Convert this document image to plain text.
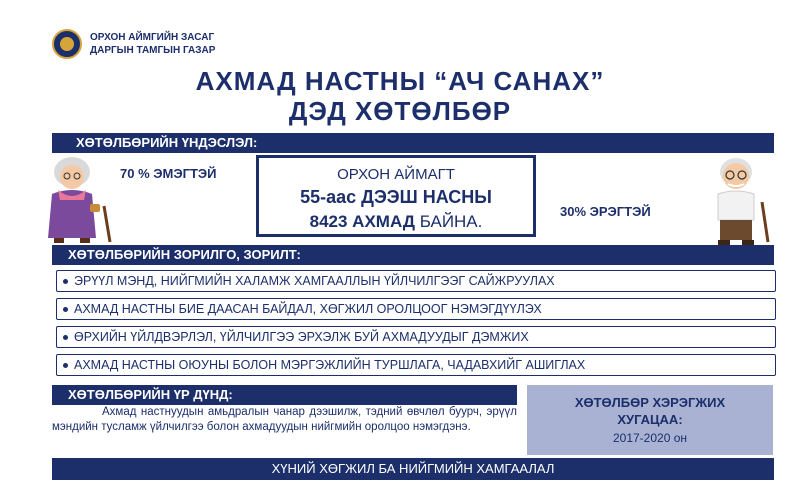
ОРХОН АЙМГИЙН ЗАСАГ
ДАРГЫН ТАМГЫН ГАЗАР
АХМАД НАСТНЫ “АЧ САНАХ”
ДЭД ХӨТӨЛБӨР
ХӨТӨЛБӨРИЙН ҮНДЭСЛЭЛ:
70 % ЭМЭГТЭЙ	ОРХОН АЙМАГТ
55-аас ДЭЭШ НАСНЫ
8423 АХМАД БАЙНА.
30% ЭРЭГТЭЙ
ХӨТӨЛБӨРИЙН ЗОРИЛГО, ЗОРИЛТ:
ЭРҮҮЛ МЭНД, НИЙГМИЙН ХАЛАМЖ ХАМГААЛЛЫН ҮЙЛЧИЛГЭЭГ САЙЖРУУЛАХ
АХМАД НАСТНЫ БИЕ ДААСАН БАЙДАЛ, ХӨГЖИЛ ОРОЛЦООГ НЭМЭГДҮҮЛЭХ
ӨРХИЙН ҮЙЛДВЭРЛЭЛ, ҮЙЛЧИЛГЭЭ ЭРХЭЛЖ БУЙ АХМАДУУДЫГ ДЭМЖИХ
АХМАД НАСТНЫ ОЮУНЫ БОЛОН МЭРГЭЖЛИЙН ТУРШЛАГА, ЧАДАВХИЙГ АШИГЛАХ
ХӨТӨЛБӨРИЙН ҮР ДҮНД:
Ахмад настнуудын амьдралын чанар дээшилж, тэдний өвчлөл буурч, эрүүл мэндийн тусламж үйлчилгээ болон ахмадуудын нийгмийн оролцоо нэмэгдэнэ.
ХӨТӨЛБӨР ХЭРЭГЖИХ
ХУГАЦАА:
2017-2020 он
ХҮНИЙ ХӨГЖИЛ БА НИЙГМИЙН ХАМГААЛАЛ
